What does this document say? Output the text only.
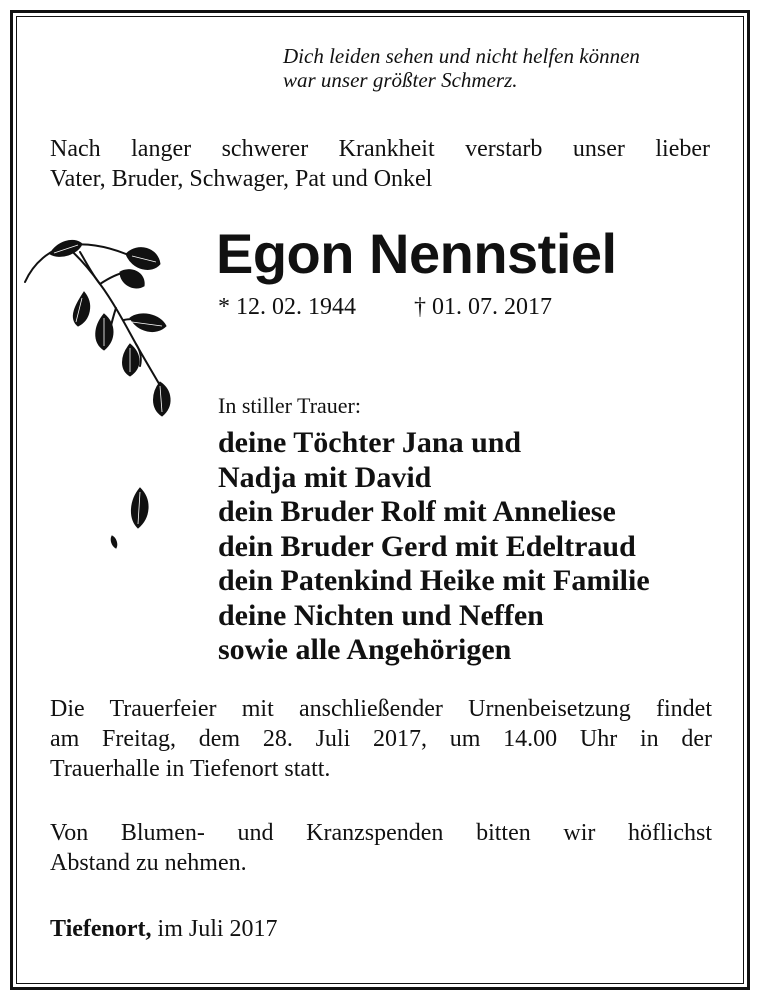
Dich leiden sehen und nicht helfen können
war unser größter Schmerz.
Nach langer schwerer Krankheit verstarb unser lieber
Vater, Bruder, Schwager, Pat und Onkel
Egon Nennstiel
* 12. 02. 1944 † 01. 07. 2017
In stiller Trauer:
deine Töchter Jana und
Nadja mit David
dein Bruder Rolf mit Anneliese
dein Bruder Gerd mit Edeltraud
dein Patenkind Heike mit Familie
deine Nichten und Neffen
sowie alle Angehörigen
Die Trauerfeier mit anschließender Urnenbeisetzung findet
am Freitag, dem 28. Juli 2017, um 14.00 Uhr in der
Trauerhalle in Tiefenort statt.
Von Blumen- und Kranzspenden bitten wir höflichst
Abstand zu nehmen.
Tiefenort, im Juli 2017
